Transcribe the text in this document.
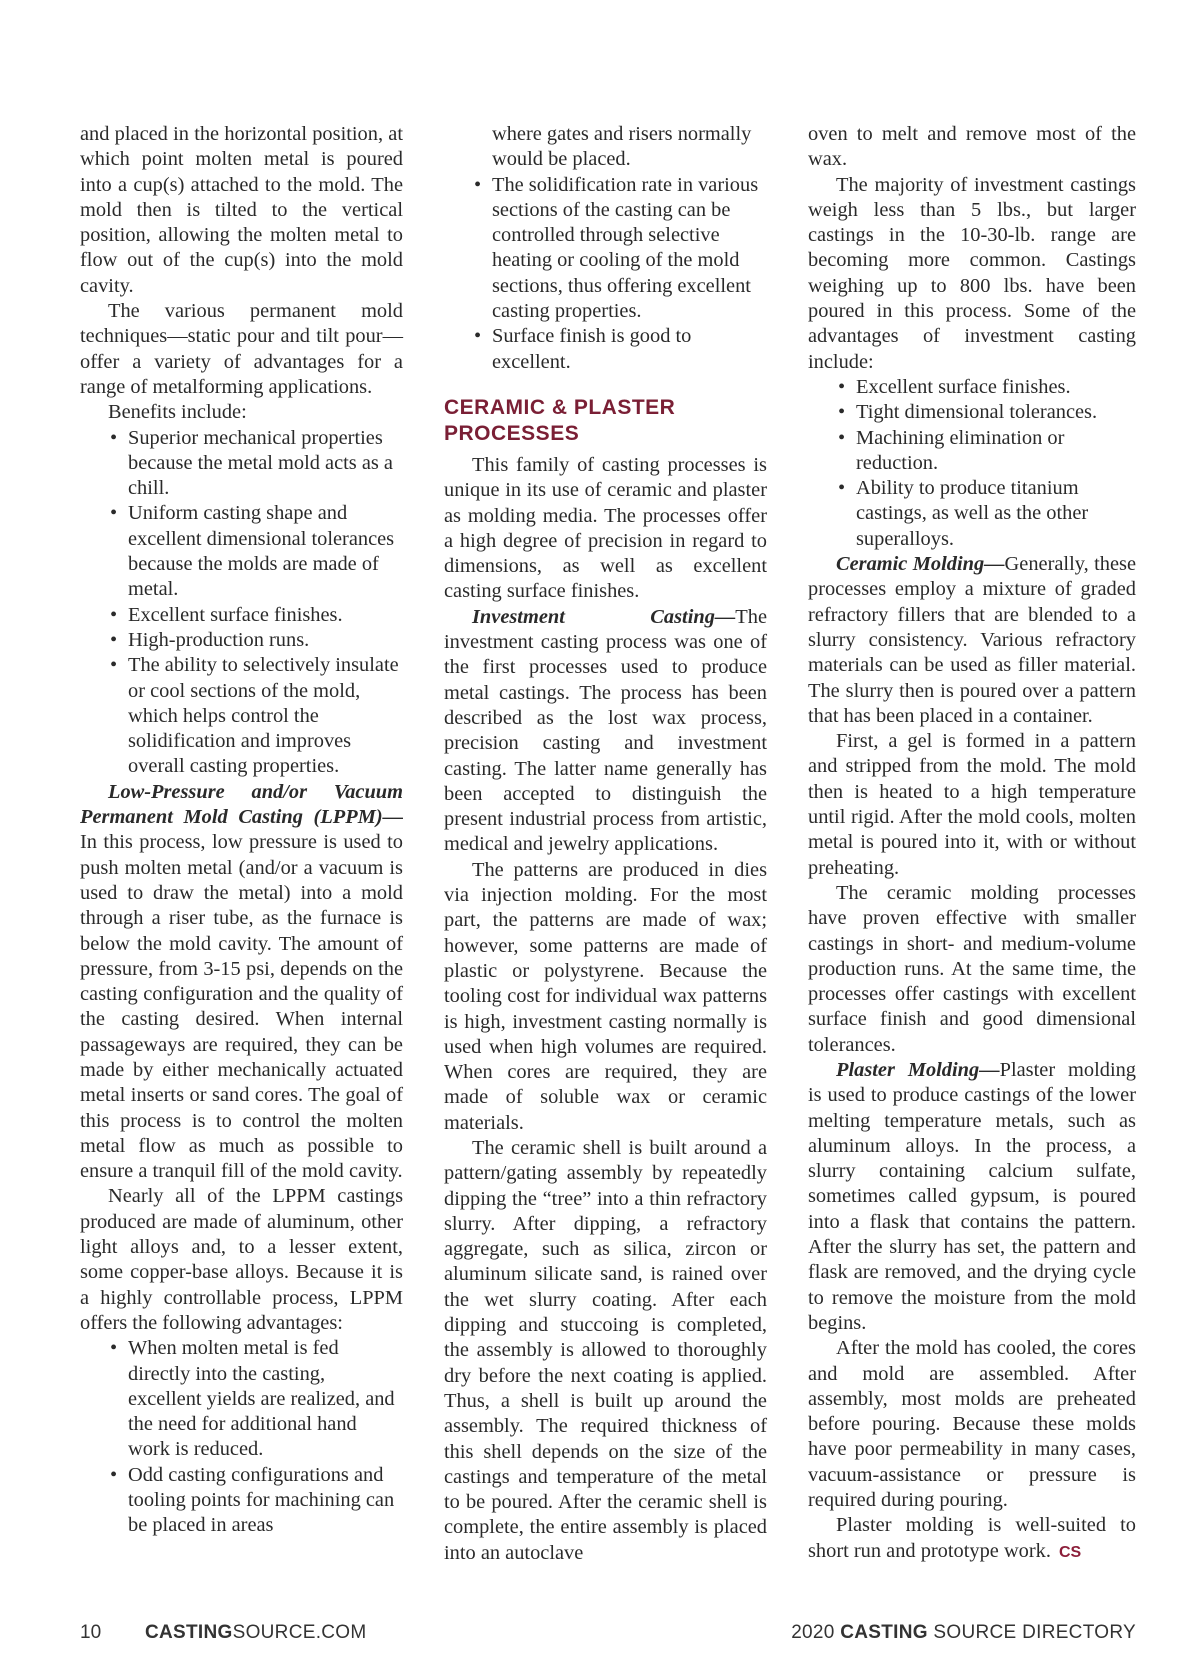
and placed in the horizontal position, at which point molten metal is poured into a cup(s) attached to the mold. The mold then is tilted to the vertical position, allowing the molten metal to flow out of the cup(s) into the mold cavity.

The various permanent mold techniques—static pour and tilt pour—offer a variety of advantages for a range of metalforming applications.

Benefits include:

• Superior mechanical properties because the metal mold acts as a chill.
• Uniform casting shape and excellent dimensional tolerances because the molds are made of metal.
• Excellent surface finishes.
• High-production runs.
• The ability to selectively insulate or cool sections of the mold, which helps control the solidification and improves overall casting properties.

Low-Pressure and/or Vacuum Permanent Mold Casting (LPPM)—In this process, low pressure is used to push molten metal (and/or a vacuum is used to draw the metal) into a mold through a riser tube, as the furnace is below the mold cavity. The amount of pressure, from 3-15 psi, depends on the casting configuration and the quality of the casting desired. When internal passageways are required, they can be made by either mechanically actuated metal inserts or sand cores. The goal of this process is to control the molten metal flow as much as possible to ensure a tranquil fill of the mold cavity.

Nearly all of the LPPM castings produced are made of aluminum, other light alloys and, to a lesser extent, some copper-base alloys. Because it is a highly controllable process, LPPM offers the following advantages:

• When molten metal is fed directly into the casting, excellent yields are realized, and the need for additional hand work is reduced.
• Odd casting configurations and tooling points for machining can be placed in areas
where gates and risers normally would be placed.
• The solidification rate in various sections of the casting can be controlled through selective heating or cooling of the mold sections, thus offering excellent casting properties.
• Surface finish is good to excellent.
CERAMIC & PLASTER PROCESSES

This family of casting processes is unique in its use of ceramic and plaster as molding media. The processes offer a high degree of precision in regard to dimensions, as well as excellent casting surface finishes.

Investment Casting—The investment casting process was one of the first processes used to produce metal castings. The process has been described as the lost wax process, precision casting and investment casting. The latter name generally has been accepted to distinguish the present industrial process from artistic, medical and jewelry applications.

The patterns are produced in dies via injection molding. For the most part, the patterns are made of wax; however, some patterns are made of plastic or polystyrene. Because the tooling cost for individual wax patterns is high, investment casting normally is used when high volumes are required. When cores are required, they are made of soluble wax or ceramic materials.

The ceramic shell is built around a pattern/gating assembly by repeatedly dipping the “tree” into a thin refractory slurry. After dipping, a refractory aggregate, such as silica, zircon or aluminum silicate sand, is rained over the wet slurry coating. After each dipping and stuccoing is completed, the assembly is allowed to thoroughly dry before the next coating is applied. Thus, a shell is built up around the assembly. The required thickness of this shell depends on the size of the castings and temperature of the metal to be poured. After the ceramic shell is complete, the entire assembly is placed into an autoclave

oven to melt and remove most of the wax.

The majority of investment castings weigh less than 5 lbs., but larger castings in the 10-30-lb. range are becoming more common. Castings weighing up to 800 lbs. have been poured in this process. Some of the advantages of investment casting include:

• Excellent surface finishes.
• Tight dimensional tolerances.
• Machining elimination or reduction.
• Ability to produce titanium castings, as well as the other superalloys.

Ceramic Molding—Generally, these processes employ a mixture of graded refractory fillers that are blended to a slurry consistency. Various refractory materials can be used as filler material. The slurry then is poured over a pattern that has been placed in a container.

First, a gel is formed in a pattern and stripped from the mold. The mold then is heated to a high temperature until rigid. After the mold cools, molten metal is poured into it, with or without preheating.

The ceramic molding processes have proven effective with smaller castings in short- and medium-volume production runs. At the same time, the processes offer castings with excellent surface finish and good dimensional tolerances.

Plaster Molding—Plaster molding is used to produce castings of the lower melting temperature metals, such as aluminum alloys. In the process, a slurry containing calcium sulfate, sometimes called gypsum, is poured into a flask that contains the pattern. After the slurry has set, the pattern and flask are removed, and the drying cycle to remove the moisture from the mold begins.

After the mold has cooled, the cores and mold are assembled. After assembly, most molds are preheated before pouring. Because these molds have poor permeability in many cases, vacuum-assistance or pressure is required during pouring.

Plaster molding is well-suited to short run and prototype work. CS

10 CASTINGSOURCE.COM	2020 CASTING SOURCE DIRECTORY
